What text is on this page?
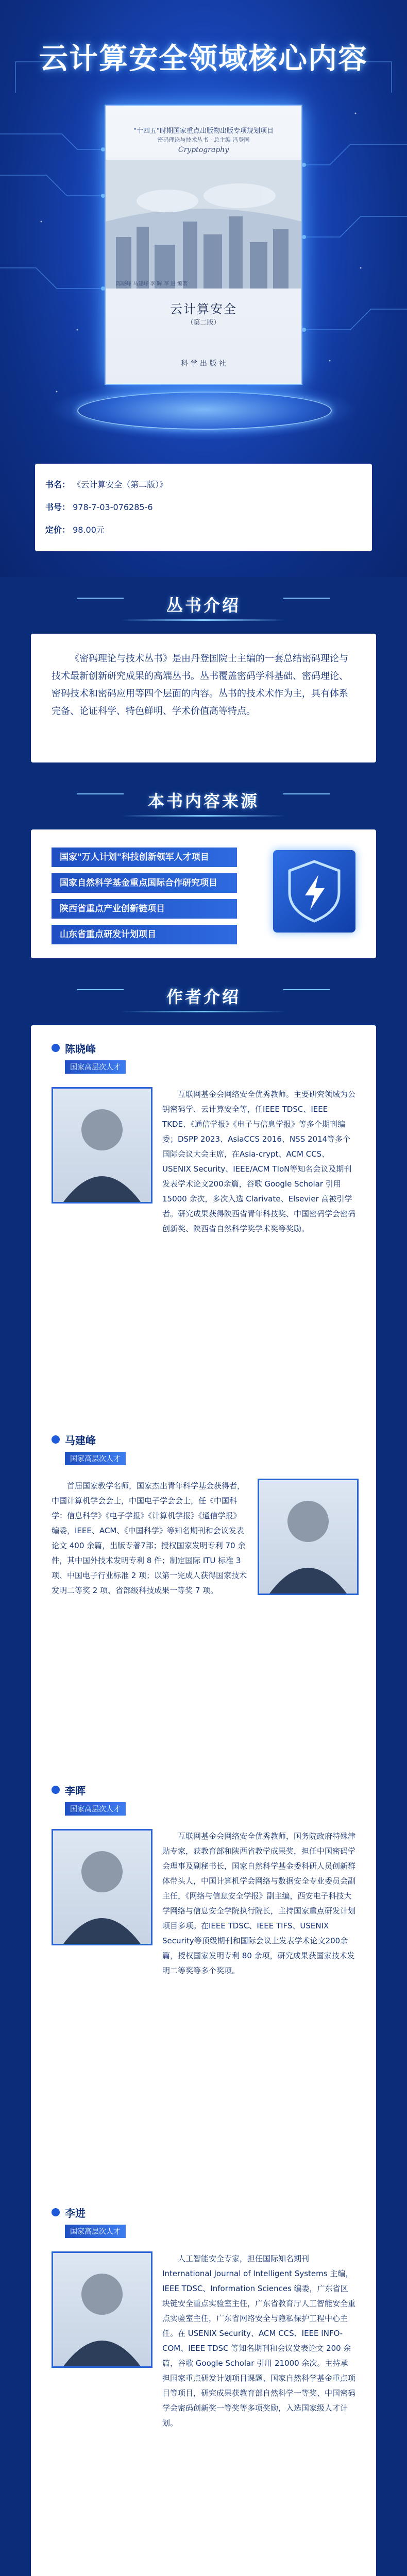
云计算安全领域核心内容
"十四五"时期国家重点出版物出版专项规划项目
密码理论与技术丛书 · 总主编 冯登国
Cryptography
陈晓峰 马建峰 李 晖 李 进 编著
云计算安全
（第二版）
科 学 出 版 社
书名： 《云计算安全（第二版）》
书号： 978-7-03-076285-6
定价： 98.00元
丛书介绍
《密码理论与技术丛书》是由丹登国院士主编的一套总结密码理论与技术最新创新研究成果的高端丛书。丛书覆盖密码学科基础、密码理论、密码技术和密码应用等四个层面的内容。丛书的技术术作为主，具有体系完备、论证科学、特色鲜明、学术价值高等特点。
本书内容来源
国家"万人计划"科技创新领军人才项目
国家自然科学基金重点国际合作研究项目
陕西省重点产业创新链项目
山东省重点研发计划项目
作者介绍
陈晓峰
国家高层次人才
互联网基金会网络安全优秀教师。主要研究领域为公钥密码学、云计算安全等，任IEEE TDSC、IEEE TKDE、《通信学报》《电子与信息学报》等多个期刊编委；DSPP 2023、AsiaCCS 2016、NSS 2014等多个国际会议大会主席，在Asia-crypt、ACM CCS、USENIX Security、IEEE/ACM TIoN等知名会议及期刊发表学术论文200余篇，谷歌 Google Scholar 引用 15000 余次，多次入选 Clarivate、Elsevier 高被引学者。研究成果获得陕西省青年科技奖、中国密码学会密码创新奖、陕西省自然科学奖学术奖等奖励。
马建峰
国家高层次人才
首届国家教学名师，国家杰出青年科学基金获得者，中国计算机学会会士，中国电子学会会士，任《中国科学：信息科学》《电子学报》《计算机学报》《通信学报》编委，IEEE、ACM、《中国科学》等知名期刊和会议发表论文 400 余篇，出版专著7部；授权国家发明专利 70 余件，其中国外技术发明专利 8 件；制定国际 ITU 标准 3 项、中国电子行业标准 2 项；以第一完成人获得国家技术发明二等奖 2 项、省部级科技成果一等奖 7 项。
李晖
国家高层次人才
互联网基金会网络安全优秀教师，国务院政府特殊津贴专家，获教育部和陕西省教学成果奖，担任中国密码学会理事及副秘书长，国家自然科学基金委科研人员创新群体带头人，中国计算机学会网络与数据安全专业委员会副主任，《网络与信息安全学报》副主编，西安电子科技大学网络与信息安全学院执行院长，主持国家重点研发计划项目多项。在IEEE TDSC、IEEE TIFS、USENIX Security等顶级期刊和国际会议上发表学术论文200余篇，授权国家发明专利 80 余项，研究成果获国家技术发明二等奖等多个奖项。
李进
国家高层次人才
人工智能安全专家，担任国际知名期刊 International Journal of Intelligent Systems 主编，IEEE TDSC、Information Sciences 编委，广东省区块链安全重点实验室主任，广东省教育厅人工智能安全重点实验室主任，广东省网络安全与隐私保护工程中心主任。在 USENIX Security、ACM CCS、IEEE INFO-COM、IEEE TDSC 等知名期刊和会议发表论文 200 余篇，谷歌 Google Scholar 引用 21000 余次。主持承担国家重点研发计划项目课题、国家自然科学基金重点项目等项目，研究成果获教育部自然科学一等奖、中国密码学会密码创新奖一等奖等多项奖励，入选国家级人才计划。
